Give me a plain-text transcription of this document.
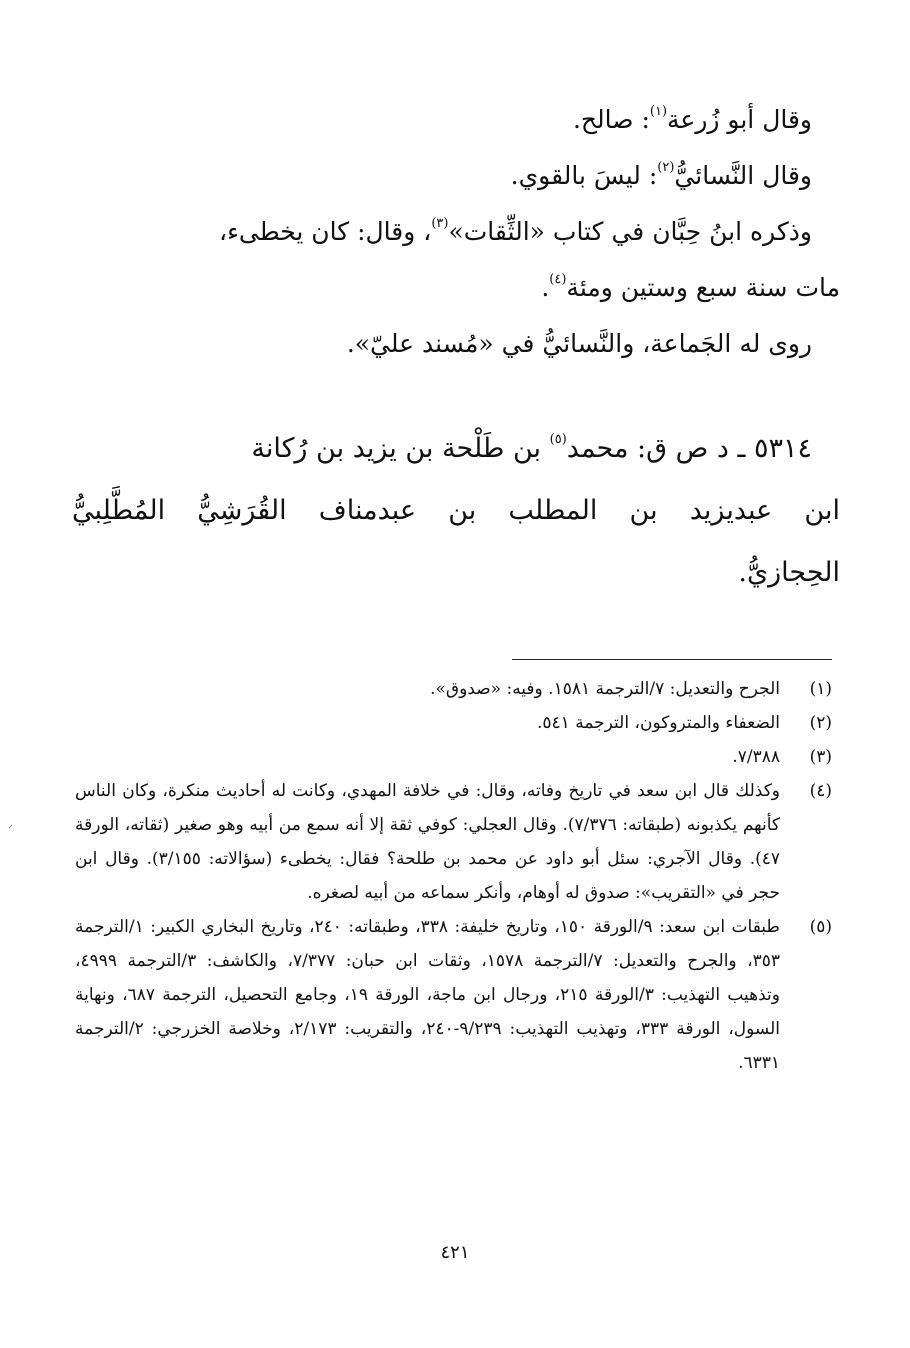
وقال أبو زُرعة$^{(١)}$: صالح.
وقال النَّسائيُّ$^{(٢)}$: ليسَ بالقوي.
وذكره ابنُ حِبَّان في كتاب «الثِّقات»$^{(٣)}$، وقال: كان يخطىء،
مات سنة سبع وستين ومئة$^{(٤)}$.
روى له الجَماعة، والنَّسائيُّ في «مُسند عليّ».
٥٣١٤ ـ د ص ق: محمد$^{(٥)}$ بن طَلْحة بن يزيد بن رُكانة
ابن عبديزيد بن المطلب بن عبدمناف القُرَشِيُّ المُطَّلِبيُّ
الحِجازيُّ.
(١)
الجرح والتعديل: ٧/الترجمة ١٥٨١. وفيه: «صدوق».
(٢)
الضعفاء والمتروكون، الترجمة ٥٤١.
(٣)
٧/٣٨٨.
(٤)
وكذلك قال ابن سعد في تاريخ وفاته، وقال: في خلافة المهدي، وكانت له أحاديث منكرة، وكان الناس كأنهم يكذبونه (طبقاته: ٧/٣٧٦). وقال العجلي: كوفي ثقة إلا أنه سمع من أبيه وهو صغير (ثقاته، الورقة ٤٧). وقال الآجري: سئل أبو داود عن محمد بن طلحة؟ فقال: يخطىء (سؤالاته: ٣/١٥٥). وقال ابن حجر في «التقريب»: صدوق له أوهام، وأنكر سماعه من أبيه لصغره.
(٥)
طبقات ابن سعد: ٩/الورقة ١٥٠، وتاريخ خليفة: ٣٣٨، وطبقاته: ٢٤٠، وتاريخ البخاري الكبير: ١/الترجمة ٣٥٣، والجرح والتعديل: ٧/الترجمة ١٥٧٨، وثقات ابن حبان: ٧/٣٧٧، والكاشف: ٣/الترجمة ٤٩٩٩، وتذهيب التهذيب: ٣/الورقة ٢١٥، ورجال ابن ماجة، الورقة ١٩، وجامع التحصيل، الترجمة ٦٨٧، ونهاية السول، الورقة ٣٣٣، وتهذيب التهذيب: ٩/٢٣٩-٢٤٠، والتقريب: ٢/١٧٣، وخلاصة الخزرجي: ٢/الترجمة ٦٣٣١.
٤٢١
ᐟ
